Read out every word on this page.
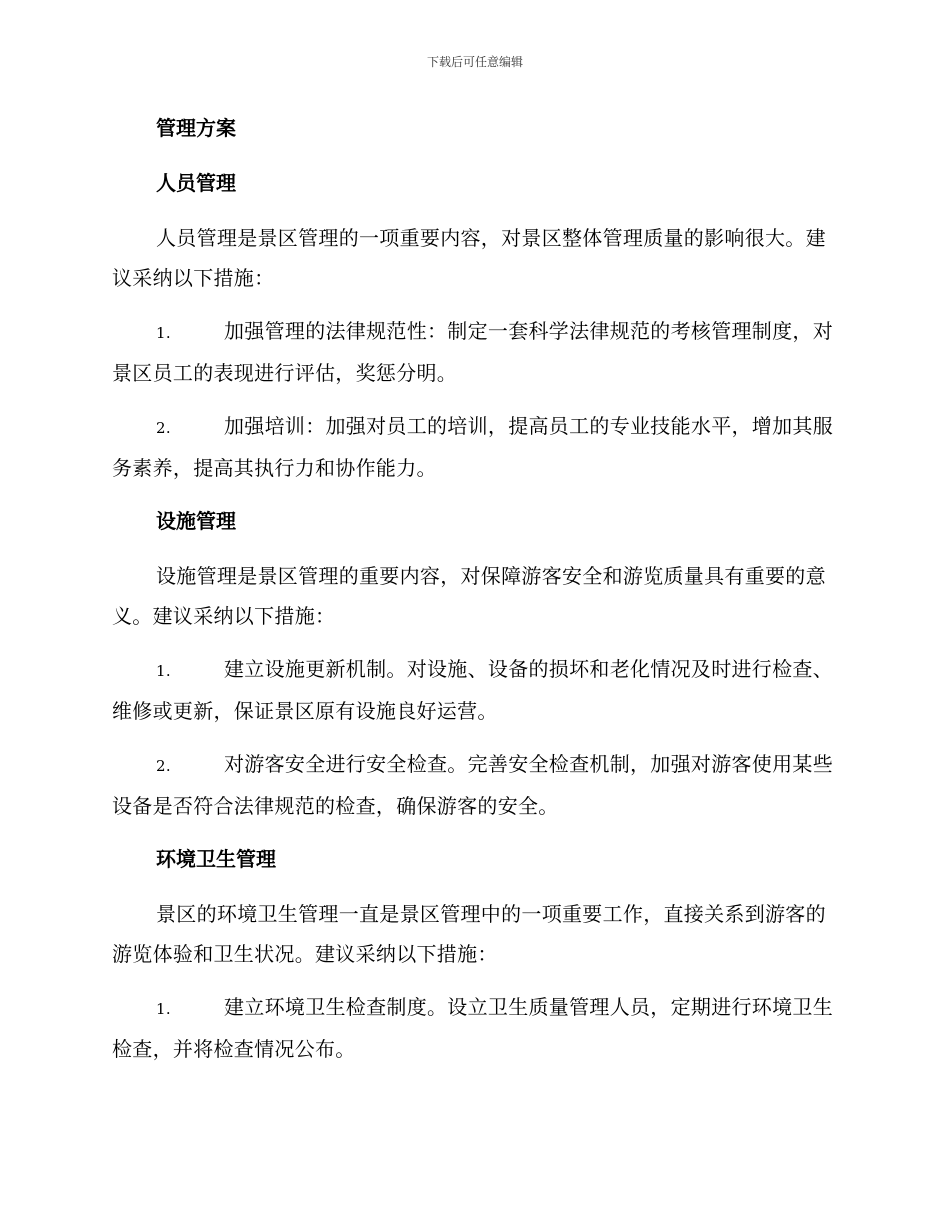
下载后可任意编辑
管理方案
人员管理
人员管理是景区管理的一项重要内容，对景区整体管理质量的影响很大。建议采纳以下措施：
1.	加强管理的法律规范性：制定一套科学法律规范的考核管理制度，对景区员工的表现进行评估，奖惩分明。
2.	加强培训：加强对员工的培训，提高员工的专业技能水平，增加其服务素养，提高其执行力和协作能力。
设施管理
设施管理是景区管理的重要内容，对保障游客安全和游览质量具有重要的意义。建议采纳以下措施：
1.	建立设施更新机制。对设施、设备的损坏和老化情况及时进行检查、维修或更新，保证景区原有设施良好运营。
2.	对游客安全进行安全检查。完善安全检查机制，加强对游客使用某些设备是否符合法律规范的检查，确保游客的安全。
环境卫生管理
景区的环境卫生管理一直是景区管理中的一项重要工作，直接关系到游客的游览体验和卫生状况。建议采纳以下措施：
1.	建立环境卫生检查制度。设立卫生质量管理人员，定期进行环境卫生检查，并将检查情况公布。
